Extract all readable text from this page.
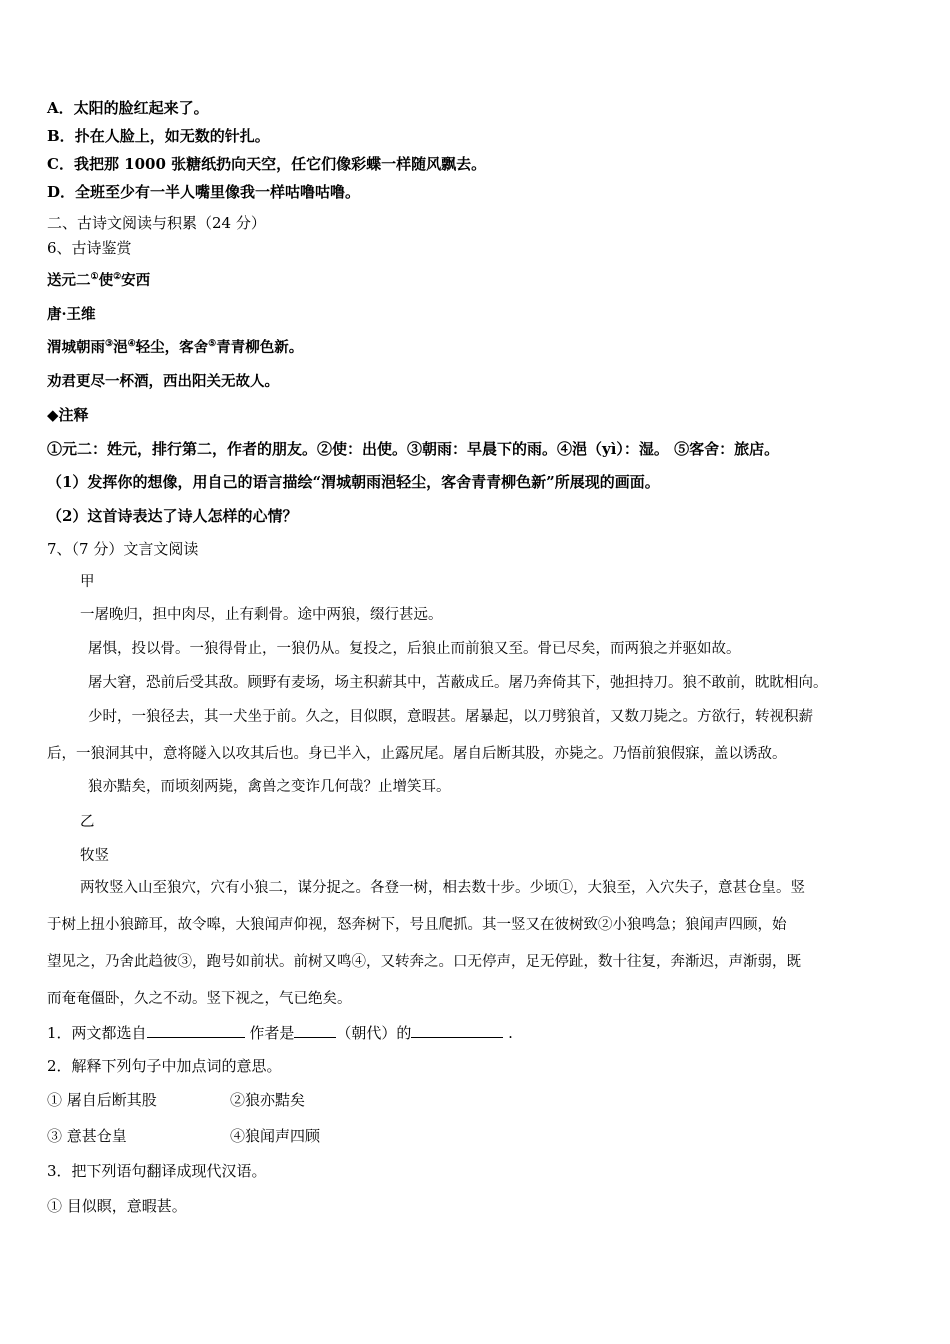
A．太阳的脸红起来了。
B．扑在人脸上，如无数的针扎。
C．我把那 1000 张糖纸扔向天空，任它们像彩蝶一样随风飘去。
D．全班至少有一半人嘴里像我一样咕噜咕噜。
二、古诗文阅读与积累（24 分）
6、古诗鉴赏
送元二①使②安西
唐·王维
渭城朝雨③浥④轻尘，客舍⑤青青柳色新。
劝君更尽一杯酒，西出阳关无故人。
◆注释
①元二：姓元，排行第二，作者的朋友。②使：出使。③朝雨：早晨下的雨。④浥（yì）：湿。 ⑤客舍：旅店。
（1）发挥你的想像，用自己的语言描绘“渭城朝雨浥轻尘，客舍青青柳色新”所展现的画面。
（2）这首诗表达了诗人怎样的心情？
7、（7 分）文言文阅读
甲
一屠晚归，担中肉尽，止有剩骨。途中两狼，缀行甚远。
屠惧，投以骨。一狼得骨止，一狼仍从。复投之，后狼止而前狼又至。骨已尽矣，而两狼之并驱如故。
屠大窘，恐前后受其敌。顾野有麦场，场主积薪其中，苫蔽成丘。屠乃奔倚其下，弛担持刀。狼不敢前，眈眈相向。
少时，一狼径去，其一犬坐于前。久之，目似瞑，意暇甚。屠暴起，以刀劈狼首，又数刀毙之。方欲行，转视积薪
后，一狼洞其中，意将隧入以攻其后也。身已半入，止露尻尾。屠自后断其股，亦毙之。乃悟前狼假寐，盖以诱敌。
狼亦黠矣，而顷刻两毙，禽兽之变诈几何哉？止增笑耳。
乙
牧竖
两牧竖入山至狼穴，穴有小狼二，谋分捉之。各登一树，相去数十步。少顷①，大狼至，入穴失子，意甚仓皇。竖
于树上扭小狼蹄耳，故令嗥，大狼闻声仰视，怒奔树下，号且爬抓。其一竖又在彼树致②小狼鸣急；狼闻声四顾，始
望见之，乃舍此趋彼③，跑号如前状。前树又鸣④，又转奔之。口无停声，足无停趾，数十往复，奔渐迟，声渐弱，既
而奄奄僵卧，久之不动。竖下视之，气已绝矣。
1．两文都选自	作者是	（朝代）的	.
2．解释下列句子中加点词的意思。
① 屠自后断其股	②狼亦黠矣
③ 意甚仓皇	④狼闻声四顾
3．把下列语句翻译成现代汉语。
① 目似瞑，意暇甚。
